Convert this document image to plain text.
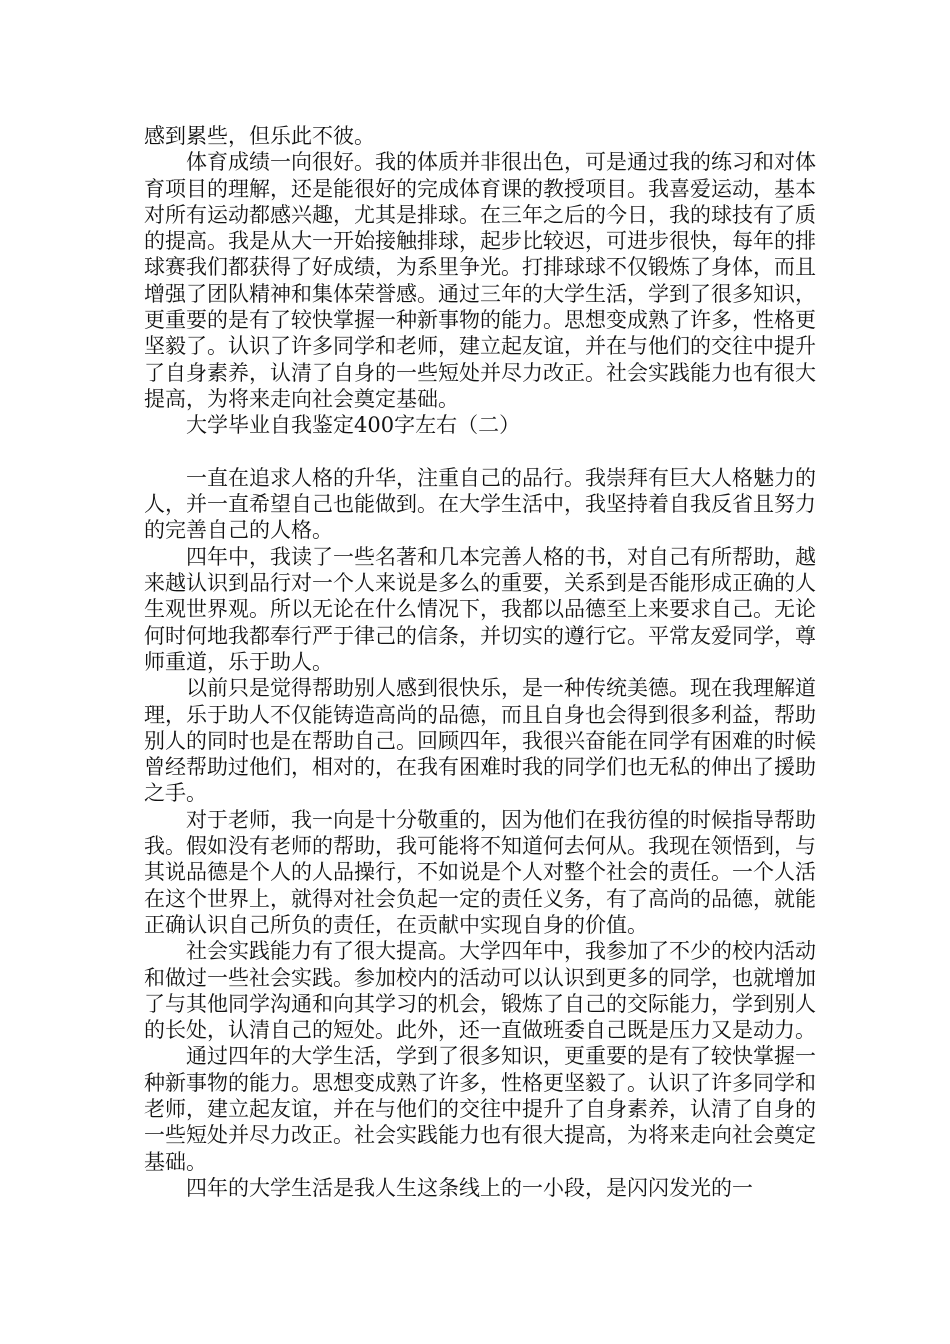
感到累些，但乐此不彼。

体育成绩一向很好。我的体质并非很出色，可是通过我的练习和对体育项目的理解，还是能很好的完成体育课的教授项目。我喜爱运动，基本对所有运动都感兴趣，尤其是排球。在三年之后的今日，我的球技有了质的提高。我是从大一开始接触排球，起步比较迟，可进步很快，每年的排球赛我们都获得了好成绩，为系里争光。打排球球不仅锻炼了身体，而且增强了团队精神和集体荣誉感。通过三年的大学生活，学到了很多知识，更重要的是有了较快掌握一种新事物的能力。思想变成熟了许多，性格更坚毅了。认识了许多同学和老师，建立起友谊，并在与他们的交往中提升了自身素养，认清了自身的一些短处并尽力改正。社会实践能力也有很大提高，为将来走向社会奠定基础。

大学毕业自我鉴定400字左右（二）

一直在追求人格的升华，注重自己的品行。我崇拜有巨大人格魅力的人，并一直希望自己也能做到。在大学生活中，我坚持着自我反省且努力的完善自己的人格。

四年中，我读了一些名著和几本完善人格的书，对自己有所帮助，越来越认识到品行对一个人来说是多么的重要，关系到是否能形成正确的人生观世界观。所以无论在什么情况下，我都以品德至上来要求自己。无论何时何地我都奉行严于律己的信条，并切实的遵行它。平常友爱同学，尊师重道，乐于助人。

以前只是觉得帮助别人感到很快乐，是一种传统美德。现在我理解道理，乐于助人不仅能铸造高尚的品德，而且自身也会得到很多利益，帮助别人的同时也是在帮助自己。回顾四年，我很兴奋能在同学有困难的时候曾经帮助过他们，相对的，在我有困难时我的同学们也无私的伸出了援助之手。

对于老师，我一向是十分敬重的，因为他们在我彷徨的时候指导帮助我。假如没有老师的帮助，我可能将不知道何去何从。我现在领悟到，与其说品德是个人的人品操行，不如说是个人对整个社会的责任。一个人活在这个世界上，就得对社会负起一定的责任义务，有了高尚的品德，就能正确认识自己所负的责任，在贡献中实现自身的价值。

社会实践能力有了很大提高。大学四年中，我参加了不少的校内活动和做过一些社会实践。参加校内的活动可以认识到更多的同学，也就增加了与其他同学沟通和向其学习的机会，锻炼了自己的交际能力，学到别人的长处，认清自己的短处。此外，还一直做班委自己既是压力又是动力。

通过四年的大学生活，学到了很多知识，更重要的是有了较快掌握一种新事物的能力。思想变成熟了许多，性格更坚毅了。认识了许多同学和老师，建立起友谊，并在与他们的交往中提升了自身素养，认清了自身的一些短处并尽力改正。社会实践能力也有很大提高，为将来走向社会奠定基础。

四年的大学生活是我人生这条线上的一小段，是闪闪发光的一
